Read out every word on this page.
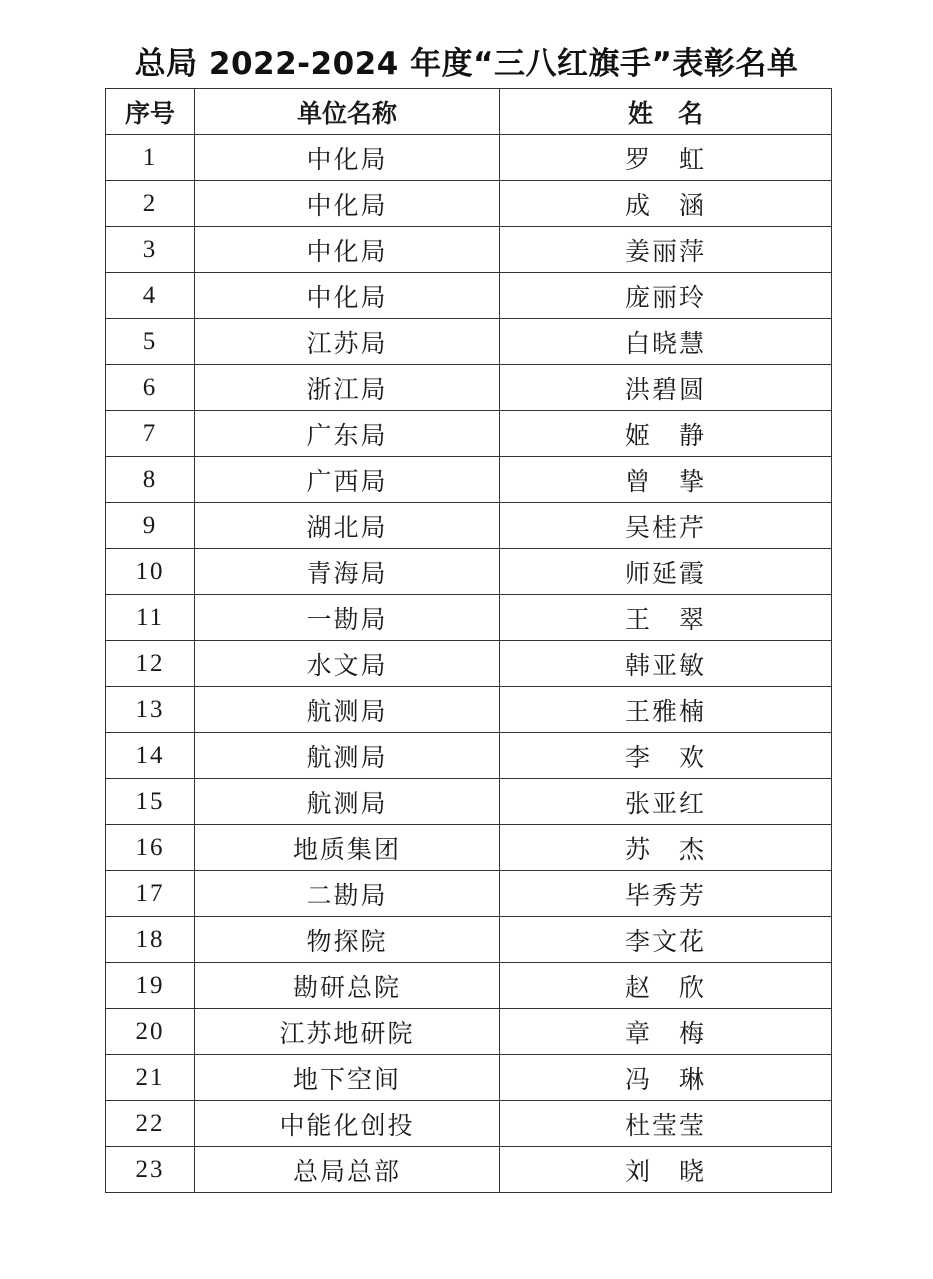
总局 2022-2024 年度“三八红旗手”表彰名单
序号	单位名称	姓　名
1	中化局	罗　虹
2	中化局	成　涵
3	中化局	姜丽萍
4	中化局	庞丽玲
5	江苏局	白晓慧
6	浙江局	洪碧圆
7	广东局	姬　静
8	广西局	曾　挚
9	湖北局	吴桂芹
10	青海局	师延霞
11	一勘局	王　翠
12	水文局	韩亚敏
13	航测局	王雅楠
14	航测局	李　欢
15	航测局	张亚红
16	地质集团	苏　杰
17	二勘局	毕秀芳
18	物探院	李文花
19	勘研总院	赵　欣
20	江苏地研院	章　梅
21	地下空间	冯　琳
22	中能化创投	杜莹莹
23	总局总部	刘　晓
